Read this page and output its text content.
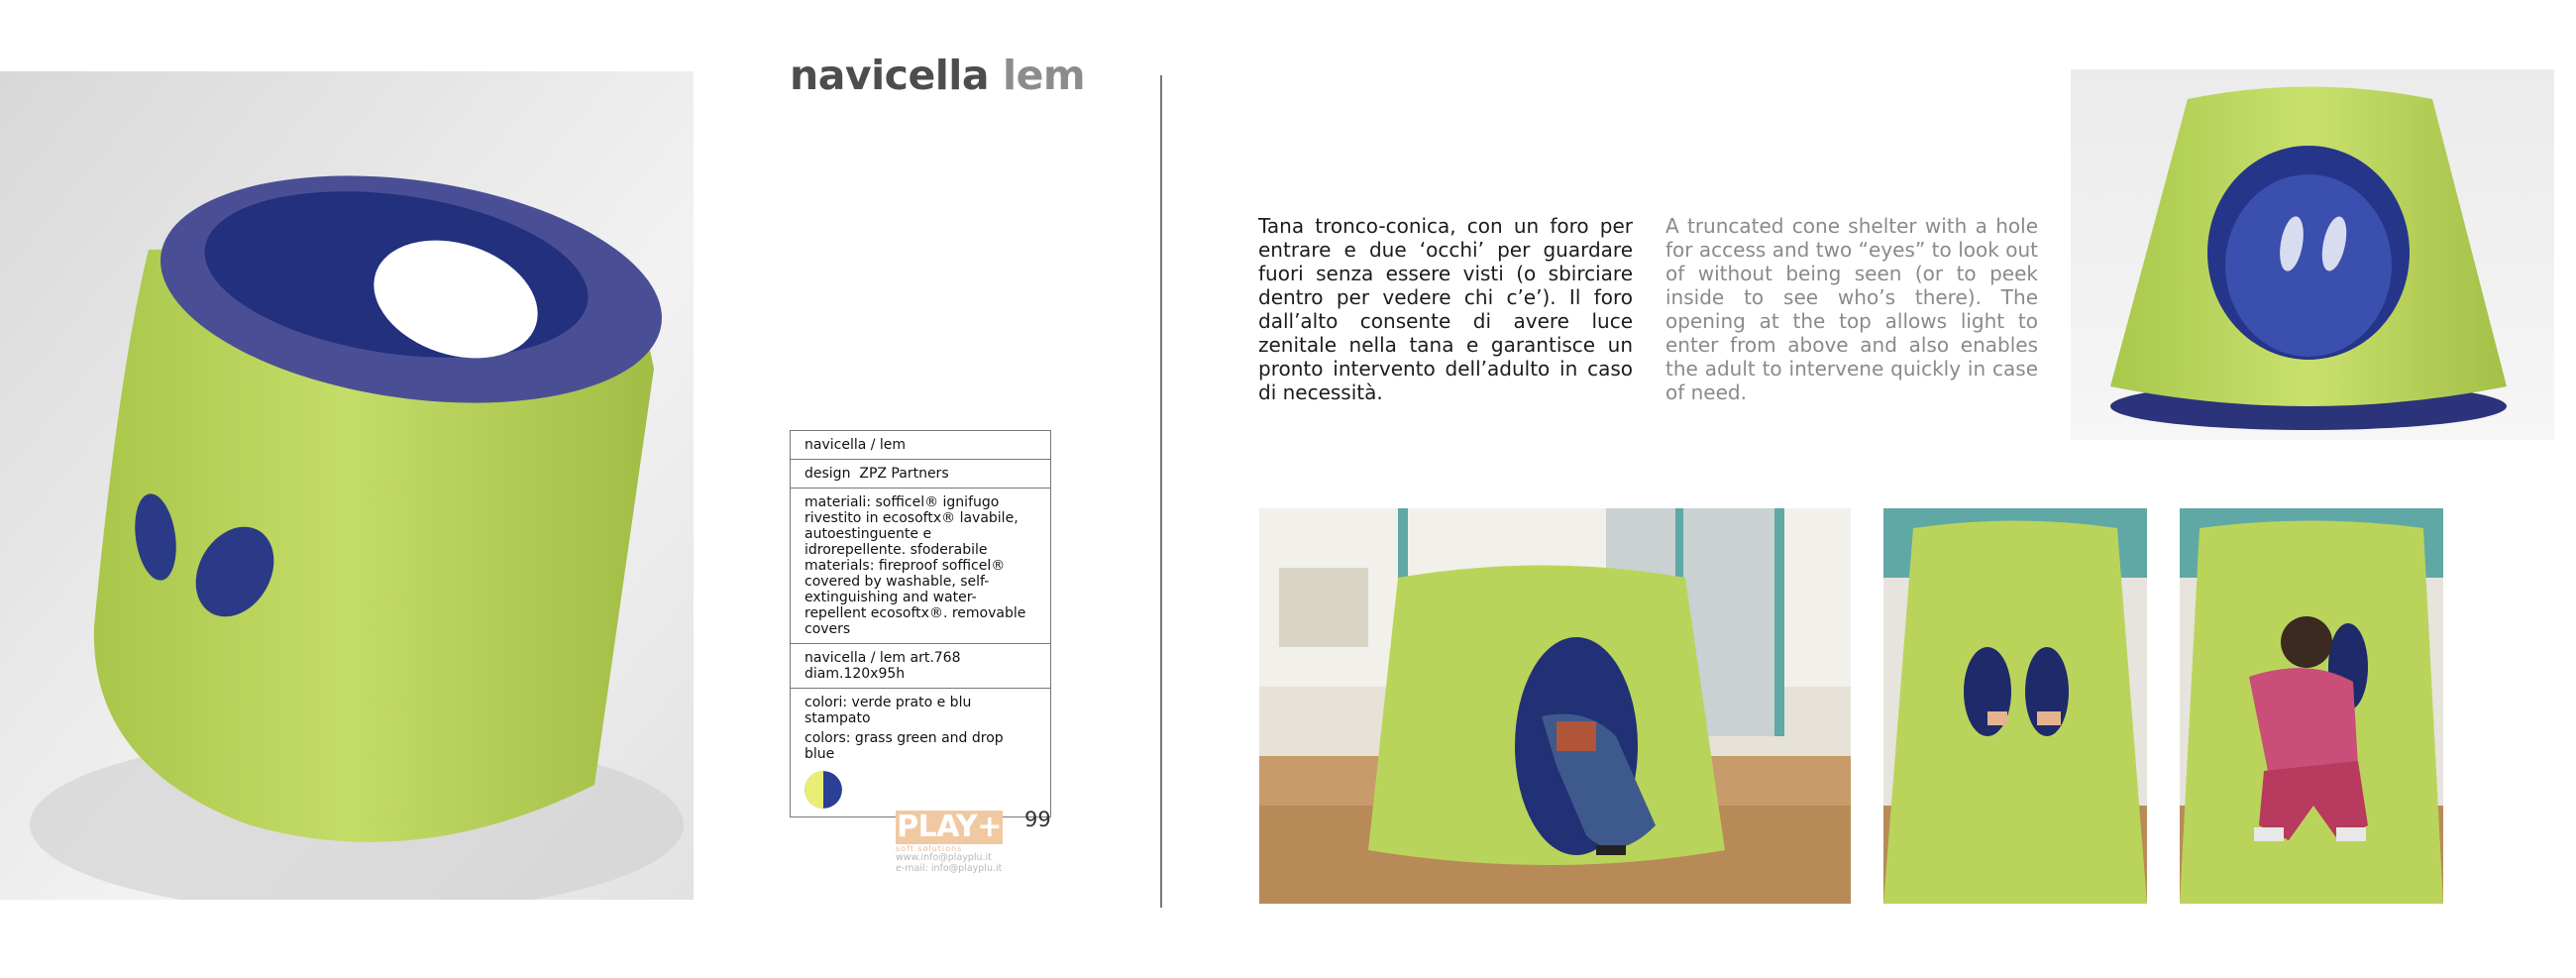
navicella lem
navicella / lem
design ZPZ Partners
materiali: sofficel® ignifugo rivestito in ecosoftx® lavabile, autoestinguente e idrorepellente. sfoderabile
materials: fireproof sofficel® covered by washable, self-extinguishing and water-repellent ecosoftx®. removable covers
navicella / lem art.768
diam.120x95h
colori: verde prato e blu stampato
colors: grass green and drop blue
PLAY+
soft solutions
www.info@playplu.it
e-mail: info@playplu.it
99
Tana tronco-conica, con un foro per entrare e due ‘occhi’ per guardare fuori senza essere visti (o sbirciare dentro per vedere chi c’e’). Il foro dall’alto consente di avere luce zenitale nella tana e garantisce un pronto intervento dell’adulto in caso di necessità.
A truncated cone shelter with a hole for access and two “eyes” to look out of without being seen (or to peek inside to see who’s there). The opening at the top allows light to enter from above and also enables the adult to intervene quickly in case of need.
